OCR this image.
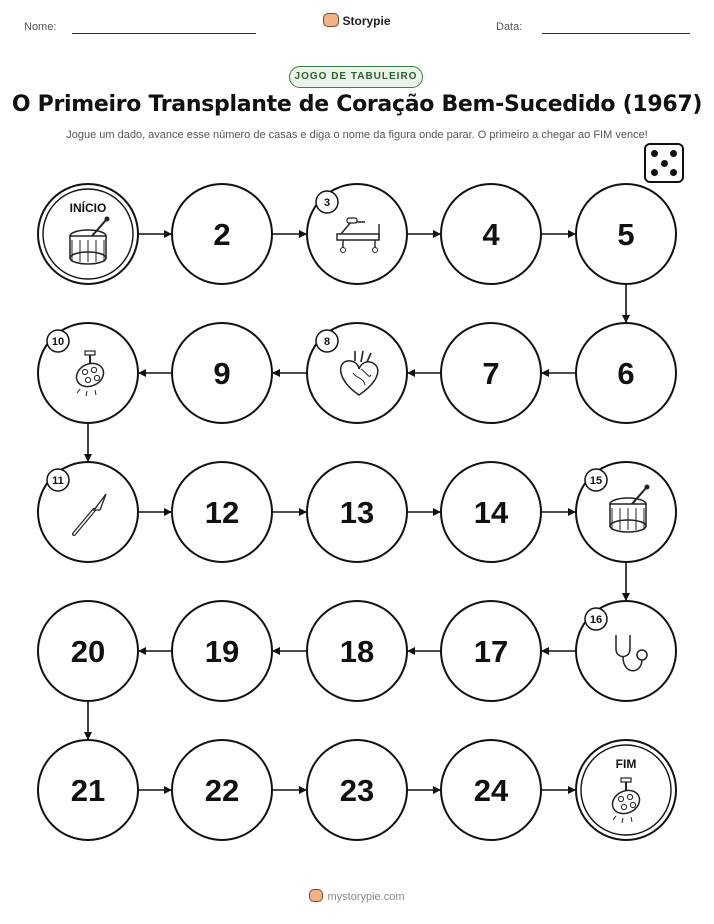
Nome:	Storypie	Data:
JOGO DE TABULEIRO
O Primeiro Transplante de Coração Bem-Sucedido (1967)
Jogue um dado, avance esse número de casas e diga o nome da figura onde parar. O primeiro a chegar ao FIM vence!
INÍCIO
2
3
4	5
6
7
8
9
10
11
12	13	14
15
16
17
18
19
20
21	22	23	24
FIM
mystorypie.com
